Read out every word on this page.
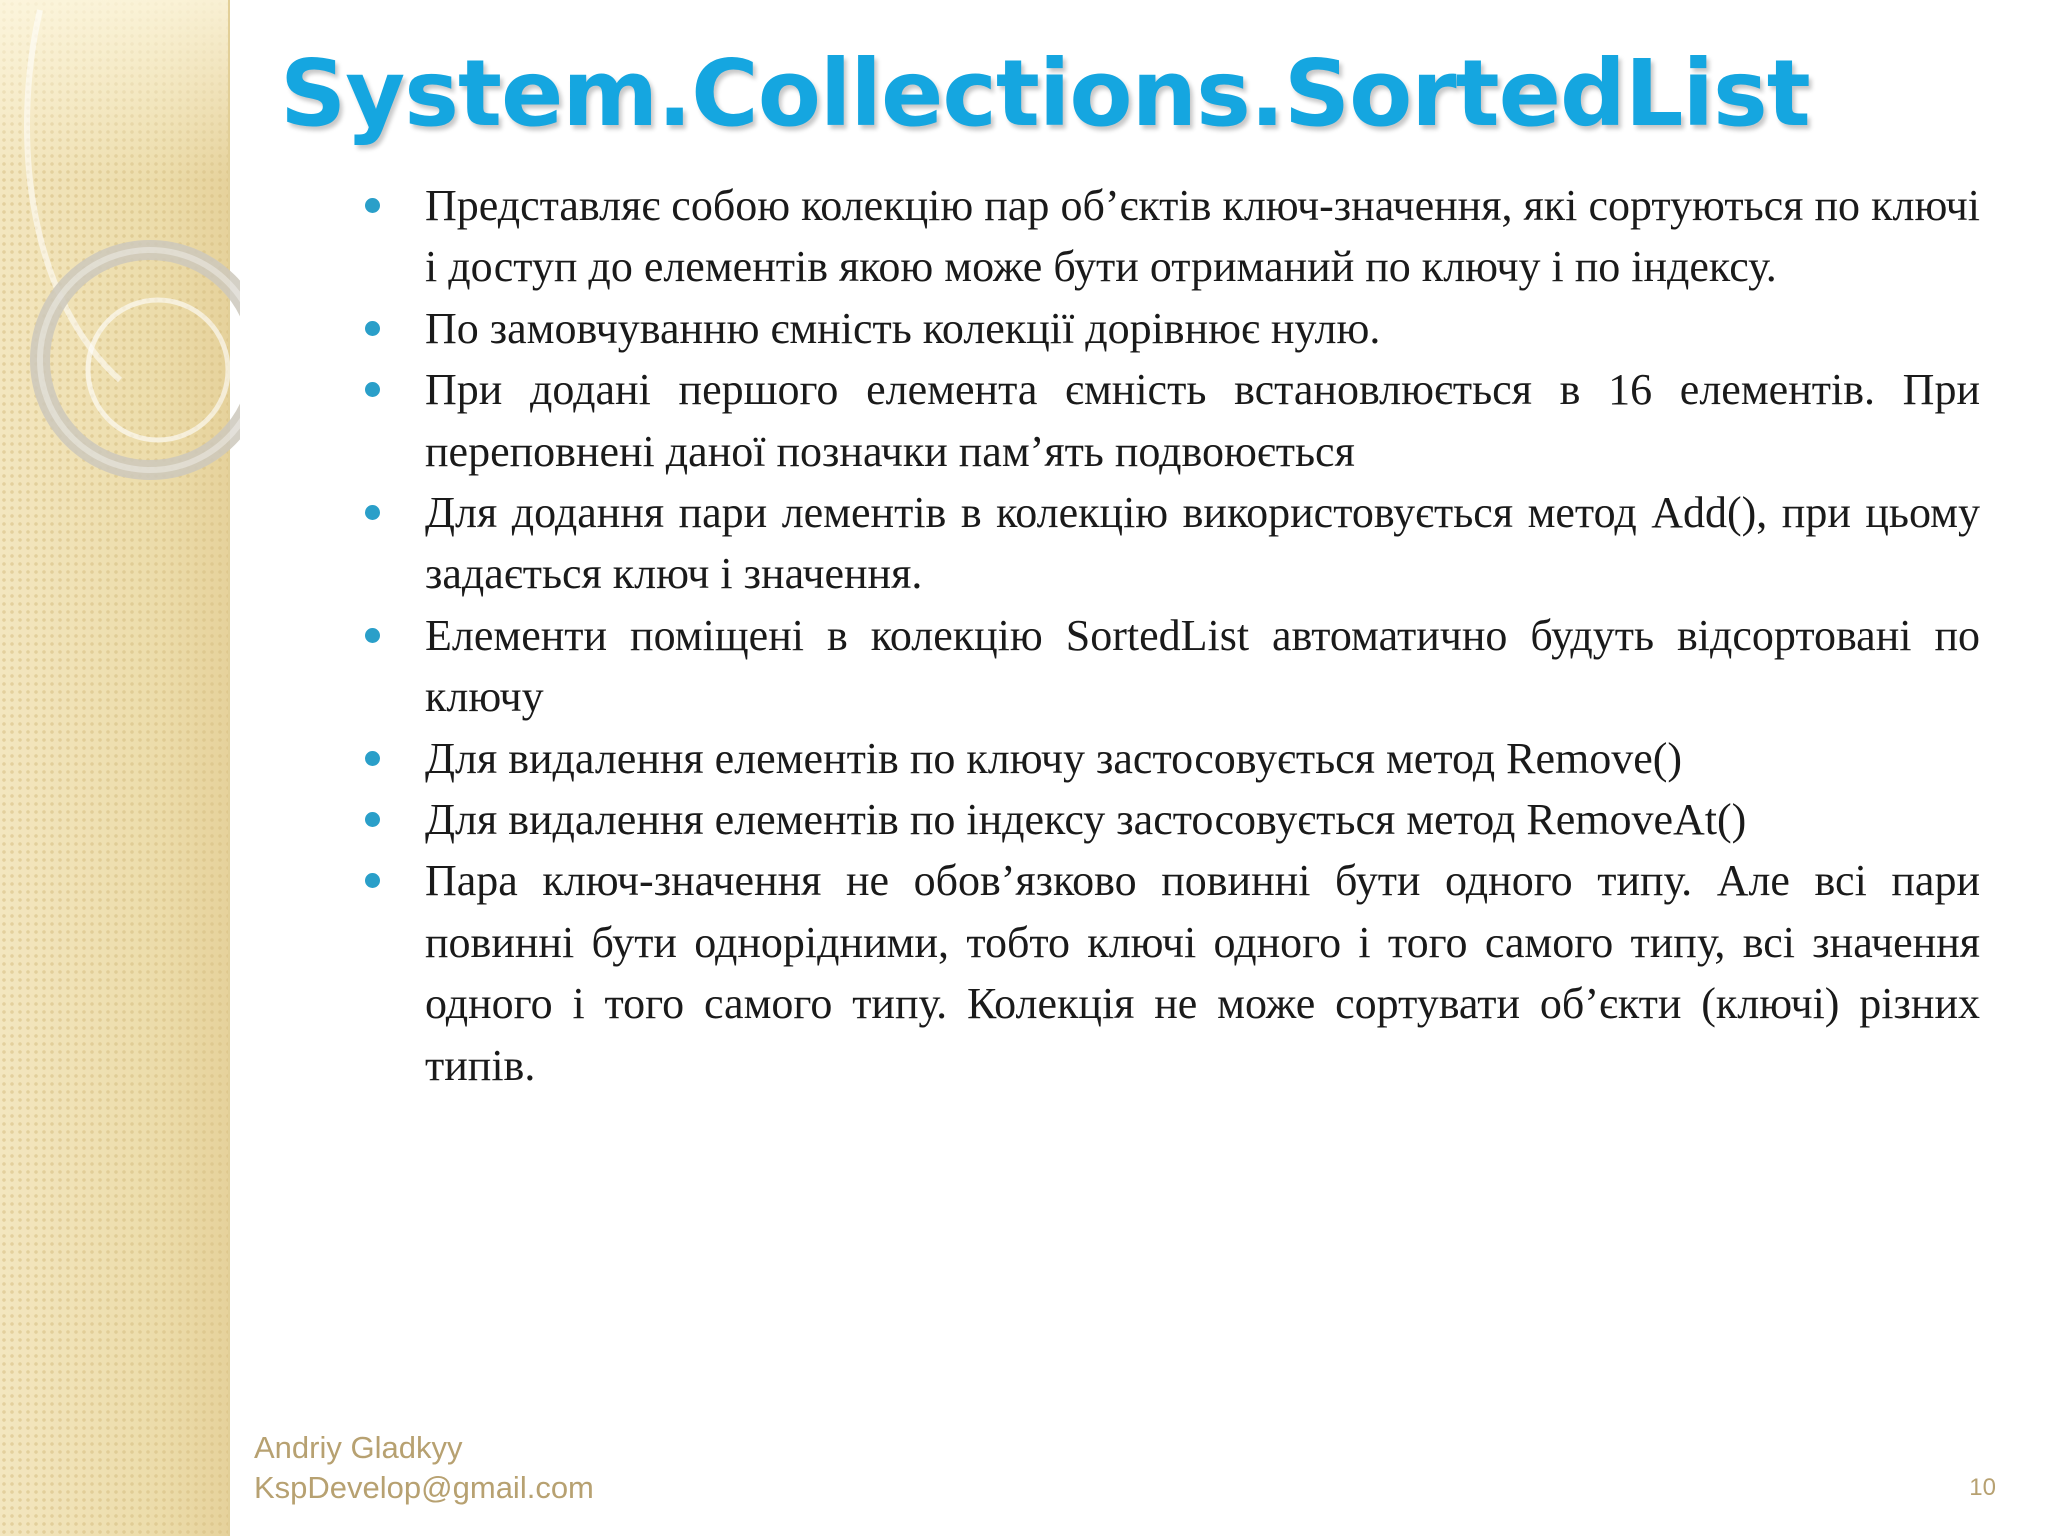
System.Collections.SortedList
Представляє собою колекцію пар об’єктів ключ-значення, які сортуються по ключі і доступ до елементів якою може бути отриманий по ключу і по індексу.
По замовчуванню ємність колекції дорівнює нулю.
При додані першого елемента ємність встановлюється в 16 елементів. При переповнені даної позначки пам’ять подвоюється
Для додання пари лементів в колекцію використовується метод Add(), при цьому задається ключ і значення.
Елементи поміщені в колекцію SortedList автоматично будуть відсортовані по ключу
Для видалення елементів по ключу застосовується метод Remove()
Для видалення елементів по індексу застосовується метод RemoveAt()
Пара ключ-значення не обов’язково повинні бути одного типу. Але всі пари повинні бути однорідними, тобто ключі одного і того самого типу, всі значення одного і того самого типу. Колекція не може сортувати об’єкти (ключі) різних типів.
Andriy Gladkyy
KspDevelop@gmail.com	10
